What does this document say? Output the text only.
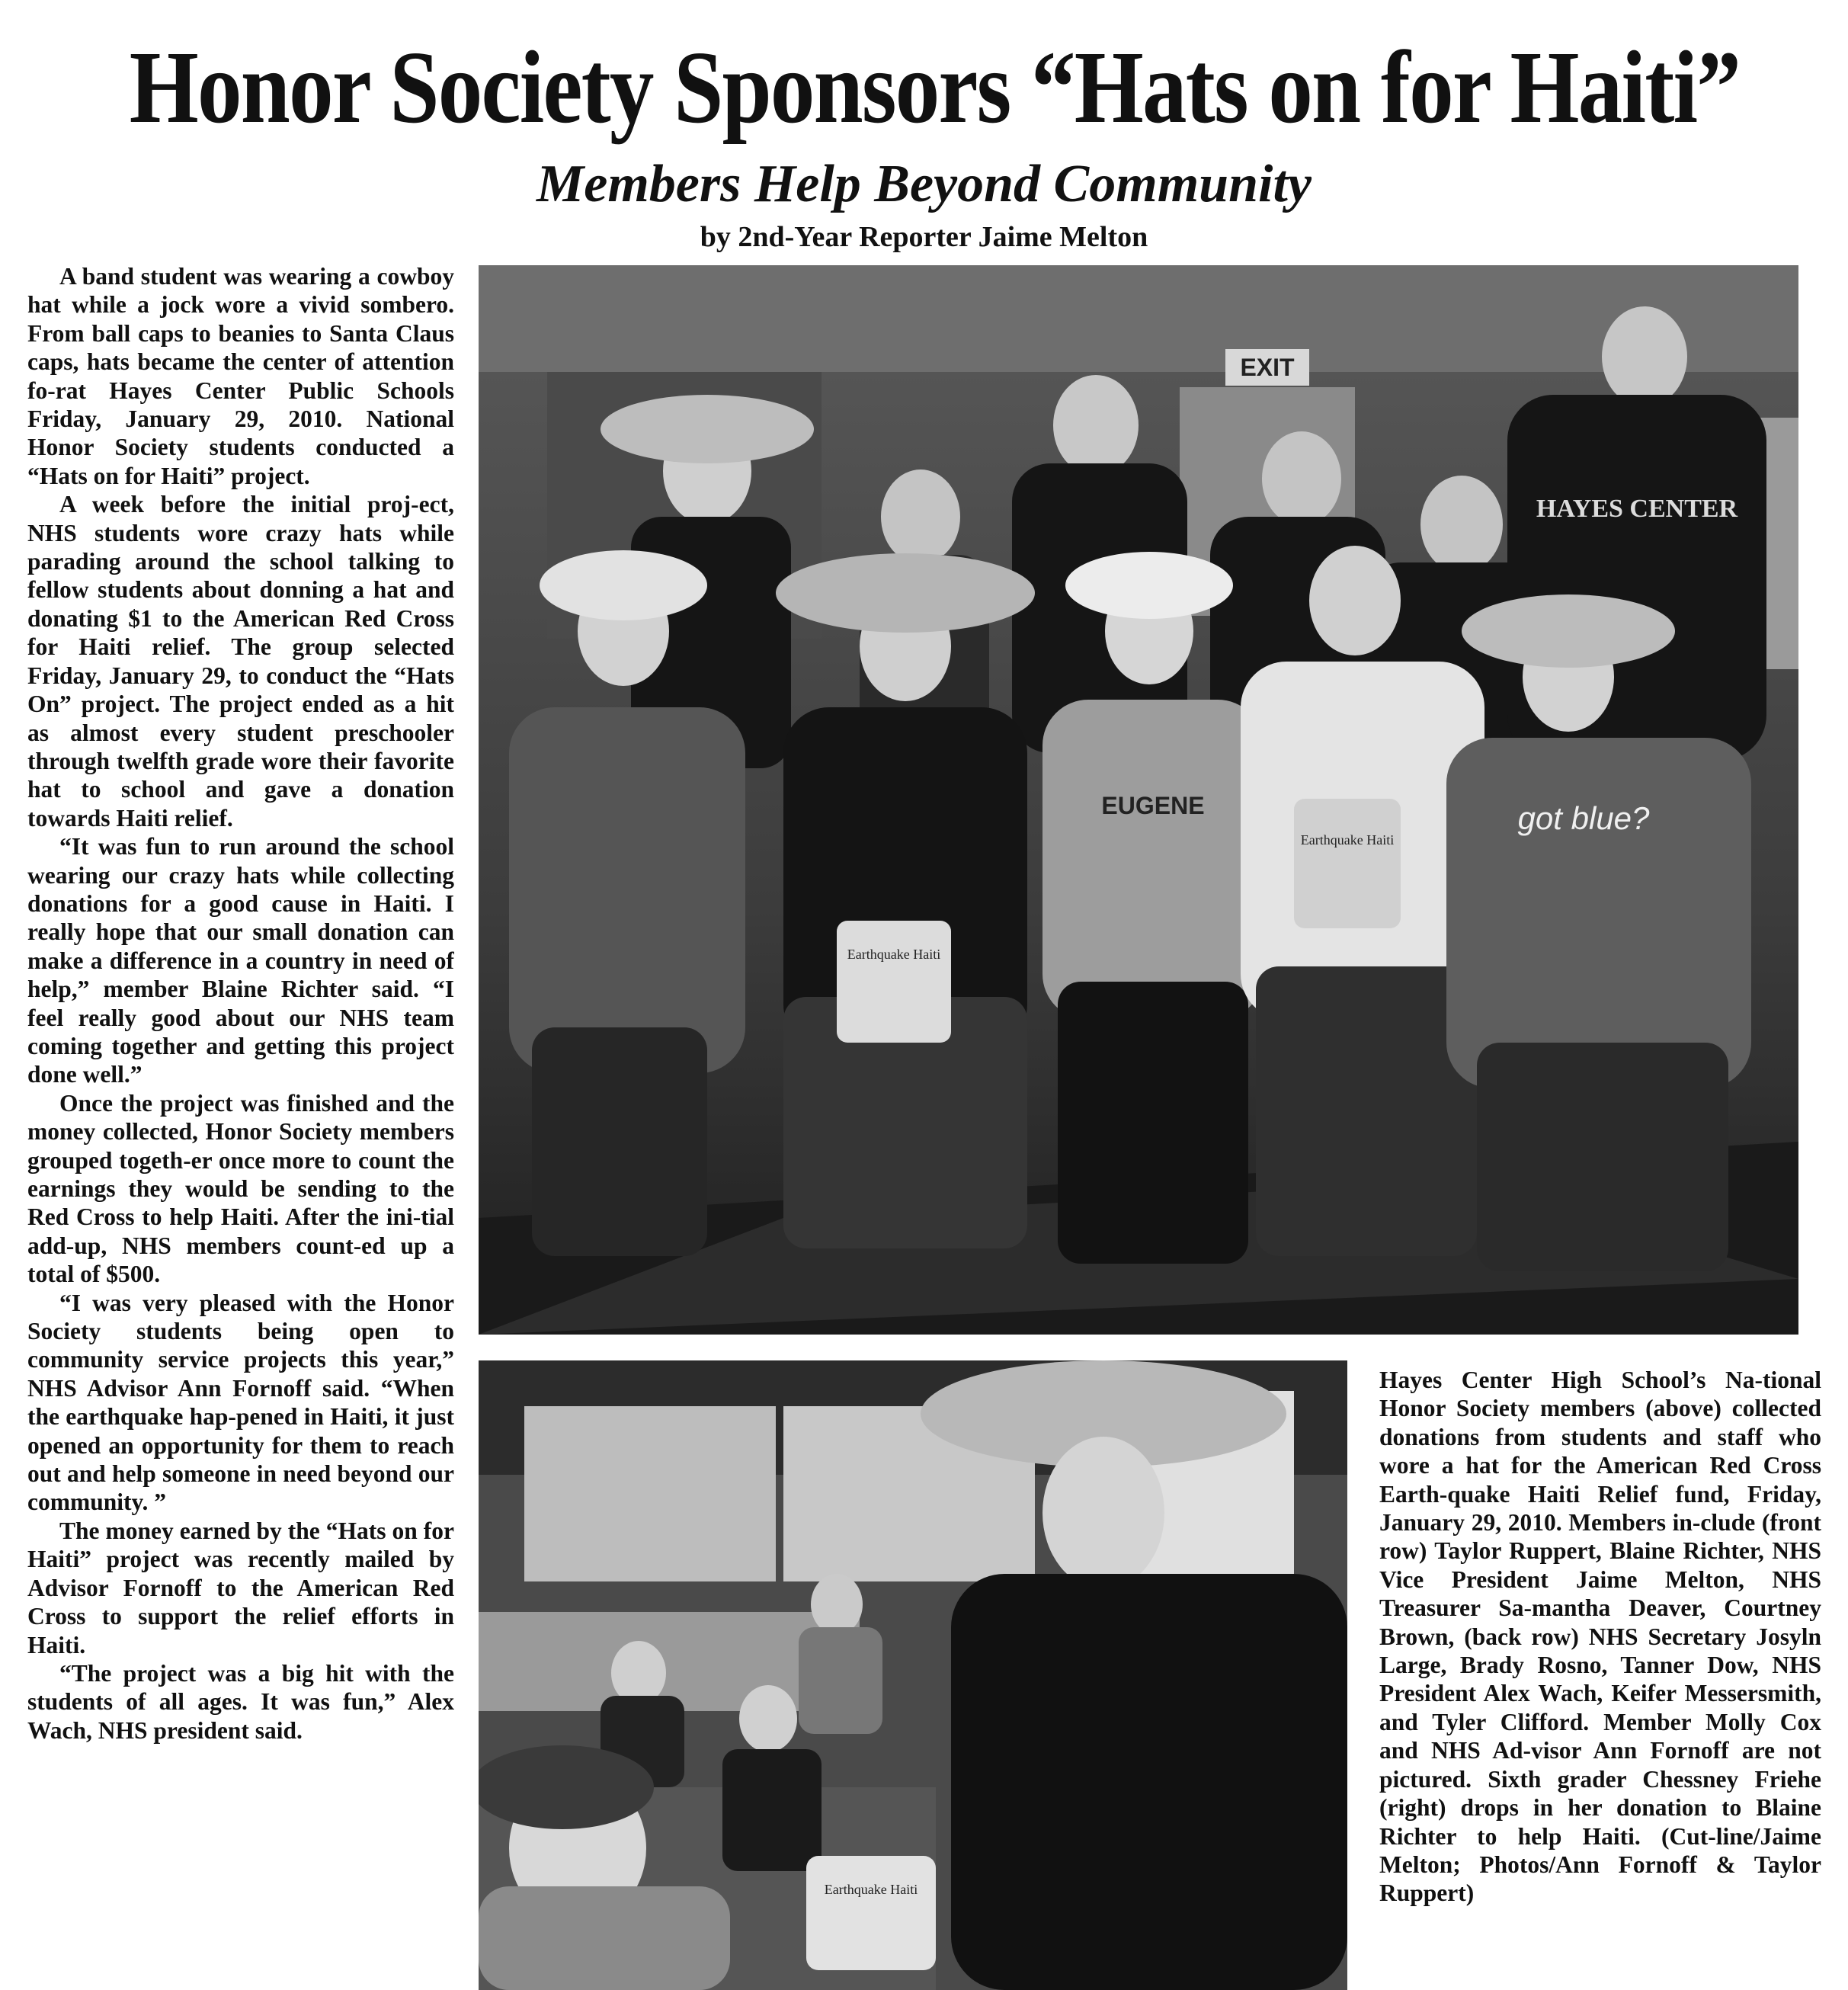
Honor Society Sponsors “Hats on for Haiti”
Members Help Beyond Community
by 2nd-Year Reporter Jaime Melton

A band student was wearing a cowboy hat while a jock wore a vivid sombero. From ball caps to beanies to Santa Claus caps, hats became the center of attention fo-rat Hayes Center Public Schools Friday, January 29, 2010. National Honor Society students conducted a “Hats on for Haiti” project.

A week before the initial proj-ect, NHS students wore crazy hats while parading around the school talking to fellow students about donning a hat and donating $1 to the American Red Cross for Haiti relief. The group selected Friday, January 29, to conduct the “Hats On” project. The project ended as a hit as almost every student preschooler through twelfth grade wore their favorite hat to school and gave a donation towards Haiti relief.

“It was fun to run around the school wearing our crazy hats while collecting donations for a good cause in Haiti. I really hope that our small donation can make a difference in a country in need of help,” member Blaine Richter said. “I feel really good about our NHS team coming together and getting this project done well.”

Once the project was finished and the money collected, Honor Society members grouped togeth-er once more to count the earnings they would be sending to the Red Cross to help Haiti. After the ini-tial add-up, NHS members count-ed up a total of $500.

“I was very pleased with the Honor Society students being open to community service projects this year,” NHS Advisor Ann Fornoff said. “When the earthquake hap-pened in Haiti, it just opened an opportunity for them to reach out and help someone in need beyond our community. ”

The money earned by the “Hats on for Haiti” project was recently mailed by Advisor Fornoff to the American Red Cross to support the relief efforts in Haiti.

“The project was a big hit with the students of all ages. It was fun,” Alex Wach, NHS president said.

EXIT
HAYES CENTER
EUGENE	got blue?
Earthquake Haiti
Earthquake Haiti
Earthquake Haiti

Hayes Center High School’s Na-tional Honor Society members (above) collected donations from students and staff who wore a hat for the American Red Cross Earth-quake Haiti Relief fund, Friday, January 29, 2010. Members in-clude (front row) Taylor Ruppert, Blaine Richter, NHS Vice President Jaime Melton, NHS Treasurer Sa-mantha Deaver, Courtney Brown, (back row) NHS Secretary Josyln Large, Brady Rosno, Tanner Dow, NHS President Alex Wach, Keifer Messersmith, and Tyler Clifford. Member Molly Cox and NHS Ad-visor Ann Fornoff are not pictured. Sixth grader Chessney Friehe (right) drops in her donation to Blaine Richter to help Haiti. (Cut-line/Jaime Melton; Photos/Ann Fornoff & Taylor Ruppert)
